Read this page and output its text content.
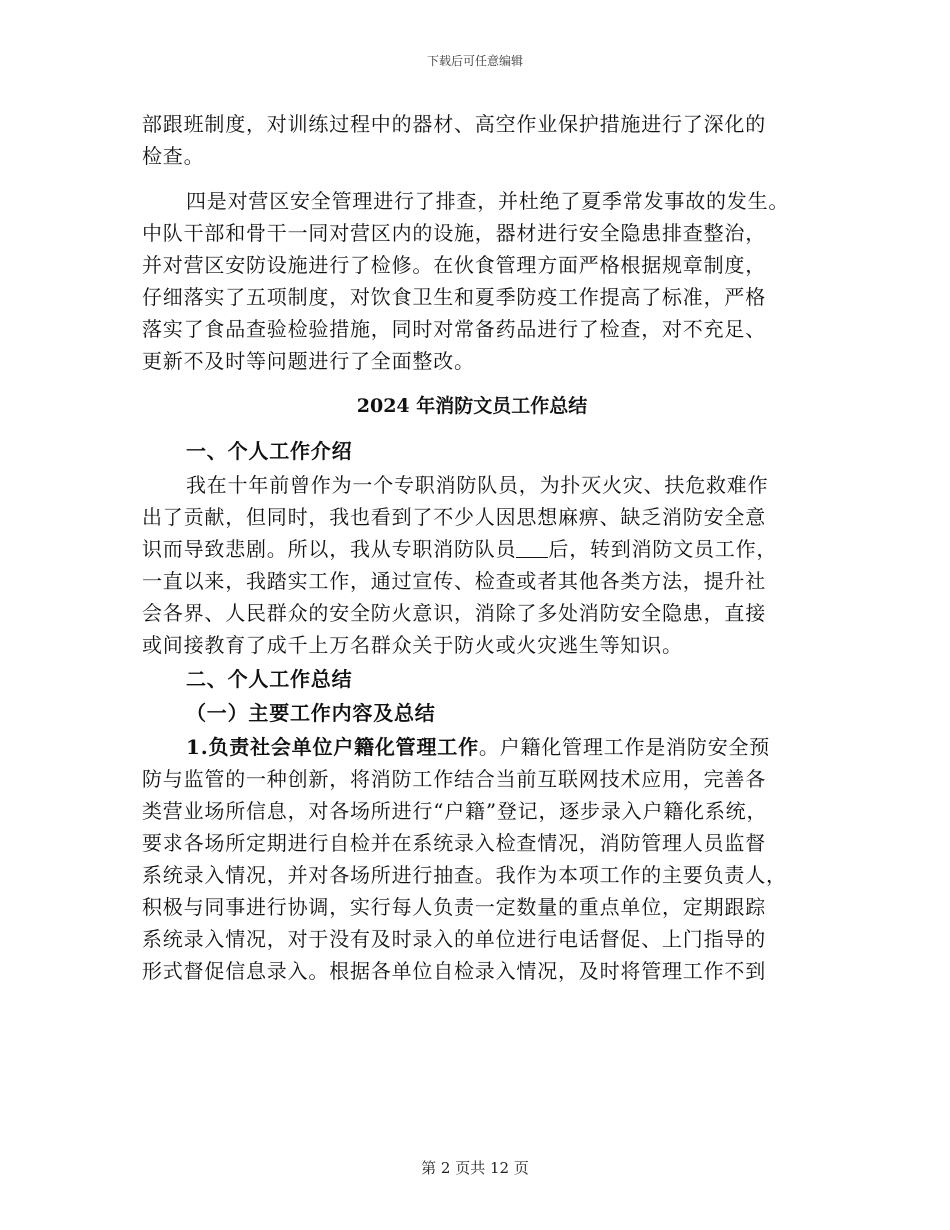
下载后可任意编辑
部跟班制度，对训练过程中的器材、高空作业保护措施进行了深化的
检查。
四是对营区安全管理进行了排查，并杜绝了夏季常发事故的发生。
中队干部和骨干一同对营区内的设施，器材进行安全隐患排查整治，
并对营区安防设施进行了检修。在伙食管理方面严格根据规章制度，
仔细落实了五项制度，对饮食卫生和夏季防疫工作提高了标准，严格
落实了食品查验检验措施，同时对常备药品进行了检查，对不充足、
更新不及时等问题进行了全面整改。
2024 年消防文员工作总结
一、个人工作介绍
我在十年前曾作为一个专职消防队员，为扑灭火灾、扶危救难作
出了贡献，但同时，我也看到了不少人因思想麻痹、缺乏消防安全意
识而导致悲剧。所以，我从专职消防队员 后，转到消防文员工作，
一直以来，我踏实工作，通过宣传、检查或者其他各类方法，提升社
会各界、人民群众的安全防火意识，消除了多处消防安全隐患，直接
或间接教育了成千上万名群众关于防火或火灾逃生等知识。
二、个人工作总结
（一）主要工作内容及总结
1.负责社会单位户籍化管理工作。户籍化管理工作是消防安全预
防与监管的一种创新，将消防工作结合当前互联网技术应用，完善各
类营业场所信息，对各场所进行“户籍”登记，逐步录入户籍化系统，
要求各场所定期进行自检并在系统录入检查情况，消防管理人员监督
系统录入情况，并对各场所进行抽查。我作为本项工作的主要负责人，
积极与同事进行协调，实行每人负责一定数量的重点单位，定期跟踪
系统录入情况，对于没有及时录入的单位进行电话督促、上门指导的
形式督促信息录入。根据各单位自检录入情况，及时将管理工作不到
第 2 页共 12 页
